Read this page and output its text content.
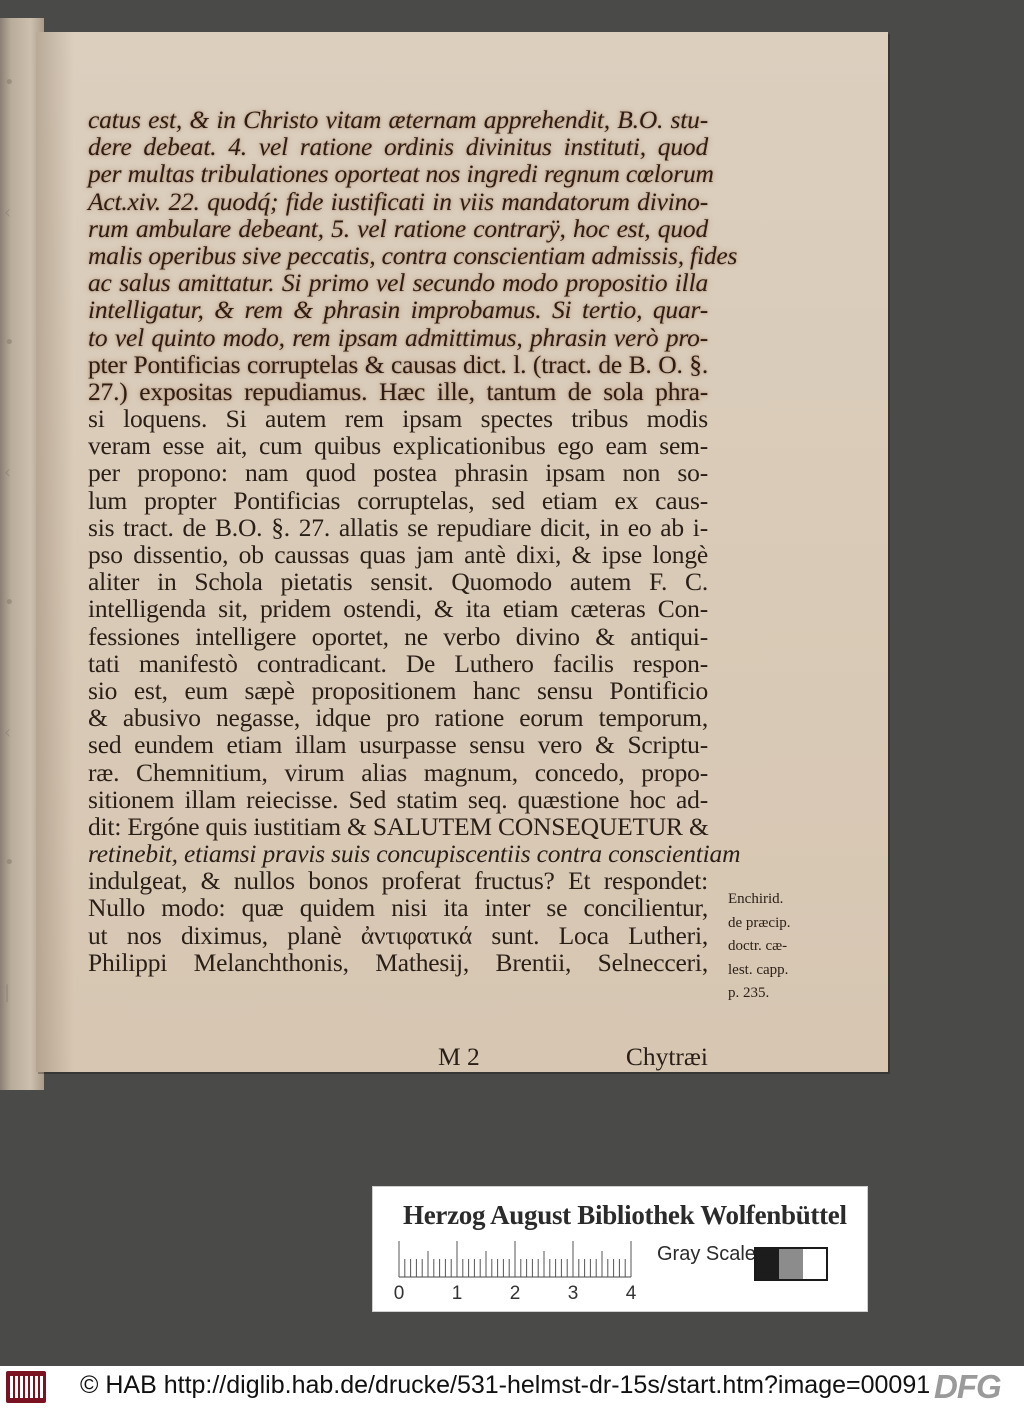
•
‹
•
‹
•
‹
•
|
catus est, & in Christo vitam æternam apprehendit, B.O. stu-
dere debeat. 4. vel ratione ordinis divinitus instituti, quod
per multas tribulationes oporteat nos ingredi regnum cœlorum
Act.xiv. 22. quodq́; fide iustificati in viis mandatorum divino-
rum ambulare debeant, 5. vel ratione contrarÿ, hoc est, quod
malis operibus sive peccatis, contra conscientiam admissis, fides
ac salus amittatur. Si primo vel secundo modo propositio illa
intelligatur, & rem & phrasin improbamus. Si tertio, quar-
to vel quinto modo, rem ipsam admittimus, phrasin verò pro-
pter Pontificias corruptelas & causas dict. l. (tract. de B. O. §.
27.) expositas repudiamus. Hæc ille, tantum de sola phra-
si loquens. Si autem rem ipsam spectes tribus modis
veram esse ait, cum quibus explicationibus ego eam sem-
per propono: nam quod postea phrasin ipsam non so-
lum propter Pontificias corruptelas, sed etiam ex caus-
sis tract. de B.O. §. 27. allatis se repudiare dicit, in eo ab i-
pso dissentio, ob caussas quas jam antè dixi, & ipse longè
aliter in Schola pietatis sensit. Quomodo autem F. C.
intelligenda sit, pridem ostendi, & ita etiam cæteras Con-
fessiones intelligere oportet, ne verbo divino & antiqui-
tati manifestò contradicant. De Luthero facilis respon-
sio est, eum sæpè propositionem hanc sensu Pontificio
& abusivo negasse, idque pro ratione eorum temporum,
sed eundem etiam illam usurpasse sensu vero & Scriptu-
ræ. Chemnitium, virum alias magnum, concedo, propo-
sitionem illam reiecisse. Sed statim seq. quæstione hoc ad-
dit: Ergóne quis iustitiam & SALUTEM CONSEQUETUR &
retinebit, etiamsi pravis suis concupiscentiis contra conscientiam
indulgeat, & nullos bonos proferat fructus? Et respondet:
Nullo modo: quæ quidem nisi ita inter se concilientur,
ut nos diximus, planè ἀντιφατικά sunt. Loca Lutheri,
Philippi Melanchthonis, Mathesij, Brentii, Selnecceri,
M 2	Chytræi
Enchirid.
de præcip.
doctr. cæ-
lest. capp.
p. 235.
Herzog August Bibliothek Wolfenbüttel
0 1 2 3 4
Gray Scale
© HAB http://diglib.hab.de/drucke/531-helmst-dr-15s/start.htm?image=00091 DFG
